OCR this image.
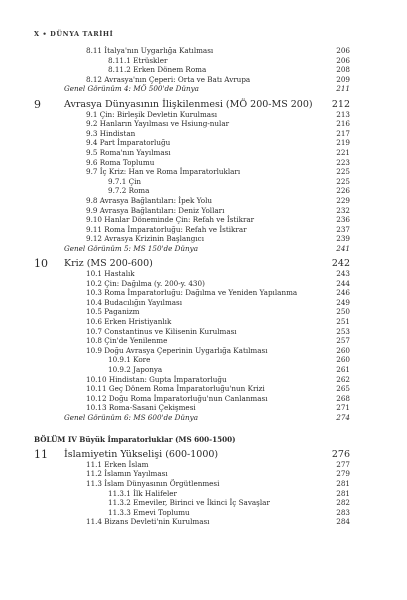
X • DÜNYA TARİHİ
8.11 İtalya'nın Uygarlığa Katılması	206
8.11.1 Etrüskler	206
8.11.2 Erken Dönem Roma	208
8.12 Avrasya'nın Çeperi: Orta ve Batı Avrupa	209
Genel Görünüm 4: MÖ 500'de Dünya	211
9 Avrasya Dünyasının İlişkilenmesi (MÖ 200-MS 200) 212
9.1 Çin: Birleşik Devletin Kurulması	213
9.2 Hanların Yayılması ve Hsiung-nular	216
9.3 Hindistan	217
9.4 Part İmparatorluğu	219
9.5 Roma'nın Yayılması	221
9.6 Roma Toplumu	223
9.7 İç Kriz: Han ve Roma İmparatorlukları	225
9.7.1 Çin	225
9.7.2 Roma	226
9.8 Avrasya Bağlantıları: İpek Yolu	229
9.9 Avrasya Bağlantıları: Deniz Yolları	232
9.10 Hanlar Döneminde Çin: Refah ve İstikrar	236
9.11 Roma İmparatorluğu: Refah ve İstikrar	237
9.12 Avrasya Krizinin Başlangıcı	239
Genel Görünüm 5: MS 150'de Dünya	241
10 Kriz (MS 200-600)	242
10.1 Hastalık	243
10.2 Çin: Dağılma (y. 200-y. 430)	244
10.3 Roma İmparatorluğu: Dağılma ve Yeniden Yapılanma	246
10.4 Budacılığın Yayılması	249
10.5 Paganizm	250
10.6 Erken Hristiyanlık	251
10.7 Constantinus ve Kilisenin Kurulması	253
10.8 Çin'de Yenilenme	257
10.9 Doğu Avrasya Çeperinin Uygarlığa Katılması	260
10.9.1 Kore	260
10.9.2 Japonya	261
10.10 Hindistan: Gupta İmparatorluğu	262
10.11 Geç Dönem Roma İmparatorluğu'nun Krizi	265
10.12 Doğu Roma İmparatorluğu'nun Canlanması	268
10.13 Roma-Sasani Çekişmesi	271
Genel Görünüm 6: MS 600'de Dünya	274
BÖLÜM IV Büyük İmparatorluklar (MS 600-1500)
11 İslamiyetin Yükselişi (600-1000)	276
11.1 Erken İslam	277
11.2 İslamın Yayılması	279
11.3 İslam Dünyasının Örgütlenmesi	281
11.3.1 İlk Halifeler	281
11.3.2 Emeviler, Birinci ve İkinci İç Savaşlar	282
11.3.3 Emevi Toplumu	283
11.4 Bizans Devleti'nin Kurulması	284
